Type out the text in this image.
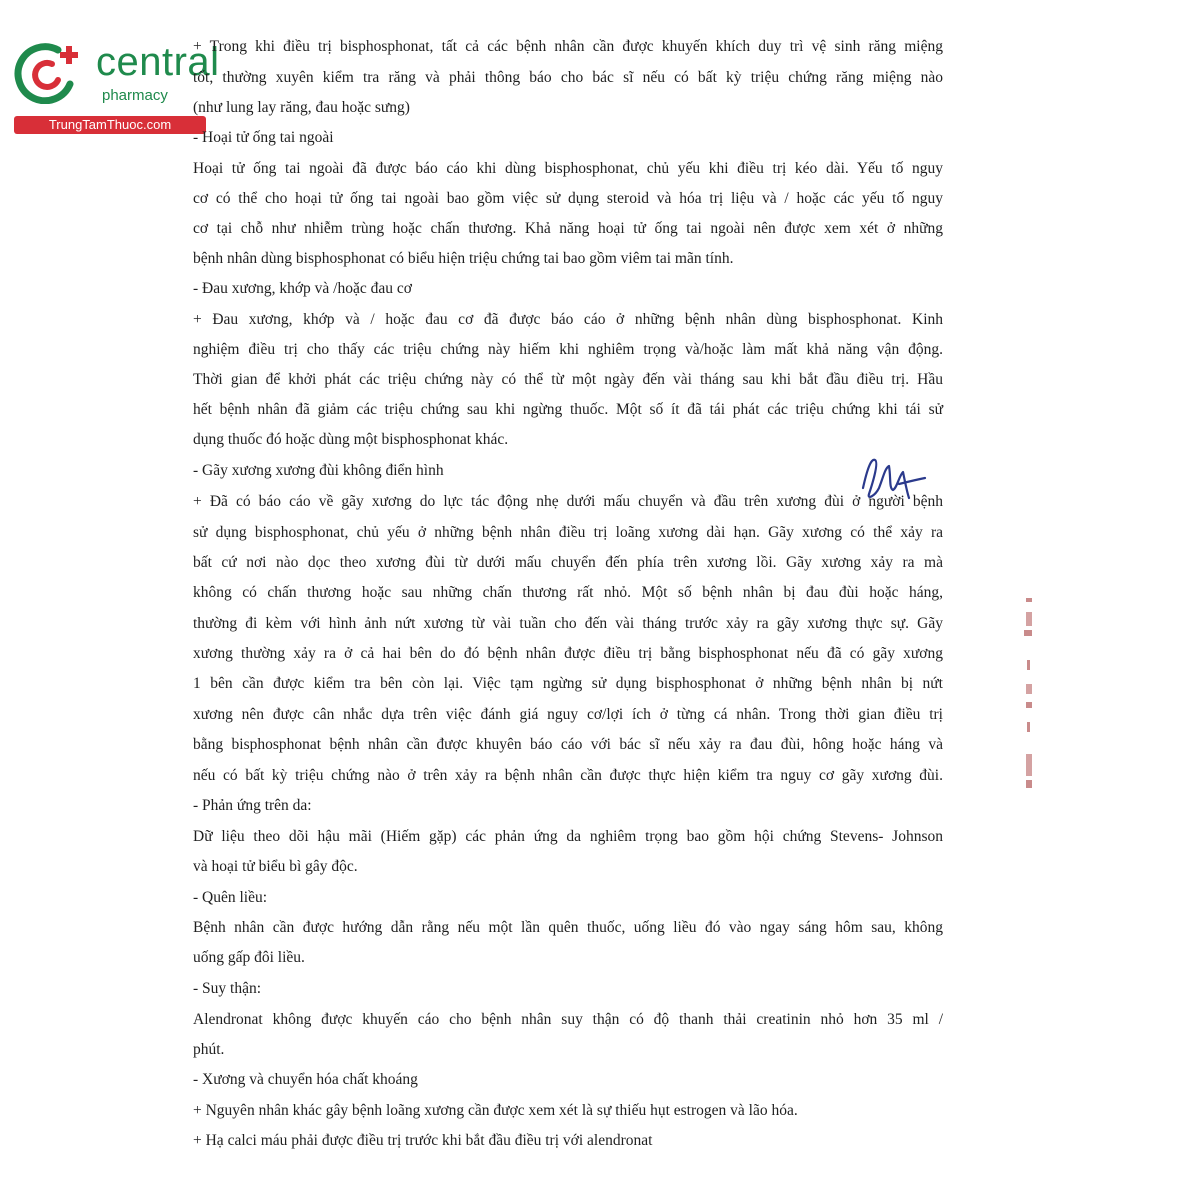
central
pharmacy
TrungTamThuoc.com
+ Trong khi điều trị bisphosphonat, tất cả các bệnh nhân cần được khuyến khích duy trì vệ sinh răng miệng
tốt, thường xuyên kiểm tra răng và phải thông báo cho bác sĩ nếu có bất kỳ triệu chứng răng miệng nào
(như lung lay răng, đau hoặc sưng)
- Hoại tử ống tai ngoài
Hoại tử ống tai ngoài đã được báo cáo khi dùng bisphosphonat, chủ yếu khi điều trị kéo dài. Yếu tố nguy
cơ có thể cho hoại tử ống tai ngoài bao gồm việc sử dụng steroid và hóa trị liệu và / hoặc các yếu tố nguy
cơ tại chỗ như nhiễm trùng hoặc chấn thương. Khả năng hoại tử ống tai ngoài nên được xem xét ở những
bệnh nhân dùng bisphosphonat có biểu hiện triệu chứng tai bao gồm viêm tai mãn tính.
- Đau xương, khớp và /hoặc đau cơ
+ Đau xương, khớp và / hoặc đau cơ đã được báo cáo ở những bệnh nhân dùng bisphosphonat. Kinh
nghiệm điều trị cho thấy các triệu chứng này hiếm khi nghiêm trọng và/hoặc làm mất khả năng vận động.
Thời gian để khởi phát các triệu chứng này có thể từ một ngày đến vài tháng sau khi bắt đầu điều trị. Hầu
hết bệnh nhân đã giảm các triệu chứng sau khi ngừng thuốc. Một số ít đã tái phát các triệu chứng khi tái sử
dụng thuốc đó hoặc dùng một bisphosphonat khác.
- Gãy xương xương đùi không điển hình
+ Đã có báo cáo về gãy xương do lực tác động nhẹ dưới mấu chuyển và đầu trên xương đùi ở người bệnh
sử dụng bisphosphonat, chủ yếu ở những bệnh nhân điều trị loãng xương dài hạn. Gãy xương có thể xảy ra
bất cứ nơi nào dọc theo xương đùi từ dưới mấu chuyển đến phía trên xương lồi. Gãy xương xảy ra mà
không có chấn thương hoặc sau những chấn thương rất nhỏ. Một số bệnh nhân bị đau đùi hoặc háng,
thường đi kèm với hình ảnh nứt xương từ vài tuần cho đến vài tháng trước xảy ra gãy xương thực sự. Gãy
xương thường xảy ra ở cả hai bên do đó bệnh nhân được điều trị bằng bisphosphonat nếu đã có gãy xương
1 bên cần được kiểm tra bên còn lại. Việc tạm ngừng sử dụng bisphosphonat ở những bệnh nhân bị nứt
xương nên được cân nhắc dựa trên việc đánh giá nguy cơ/lợi ích ở từng cá nhân. Trong thời gian điều trị
bằng bisphosphonat bệnh nhân cần được khuyên báo cáo với bác sĩ nếu xảy ra đau đùi, hông hoặc háng và
nếu có bất kỳ triệu chứng nào ở trên xảy ra bệnh nhân cần được thực hiện kiểm tra nguy cơ gãy xương đùi.
- Phản ứng trên da:
Dữ liệu theo dõi hậu mãi (Hiếm gặp) các phản ứng da nghiêm trọng bao gồm hội chứng Stevens- Johnson
và hoại tử biểu bì gây độc.
- Quên liều:
Bệnh nhân cần được hướng dẫn rằng nếu một lần quên thuốc, uống liều đó vào ngay sáng hôm sau, không
uống gấp đôi liều.
- Suy thận:
Alendronat không được khuyến cáo cho bệnh nhân suy thận có độ thanh thải creatinin nhỏ hơn 35 ml /
phút.
- Xương và chuyển hóa chất khoáng
+ Nguyên nhân khác gây bệnh loãng xương cần được xem xét là sự thiếu hụt estrogen và lão hóa.
+ Hạ calci máu phải được điều trị trước khi bắt đầu điều trị với alendronat
